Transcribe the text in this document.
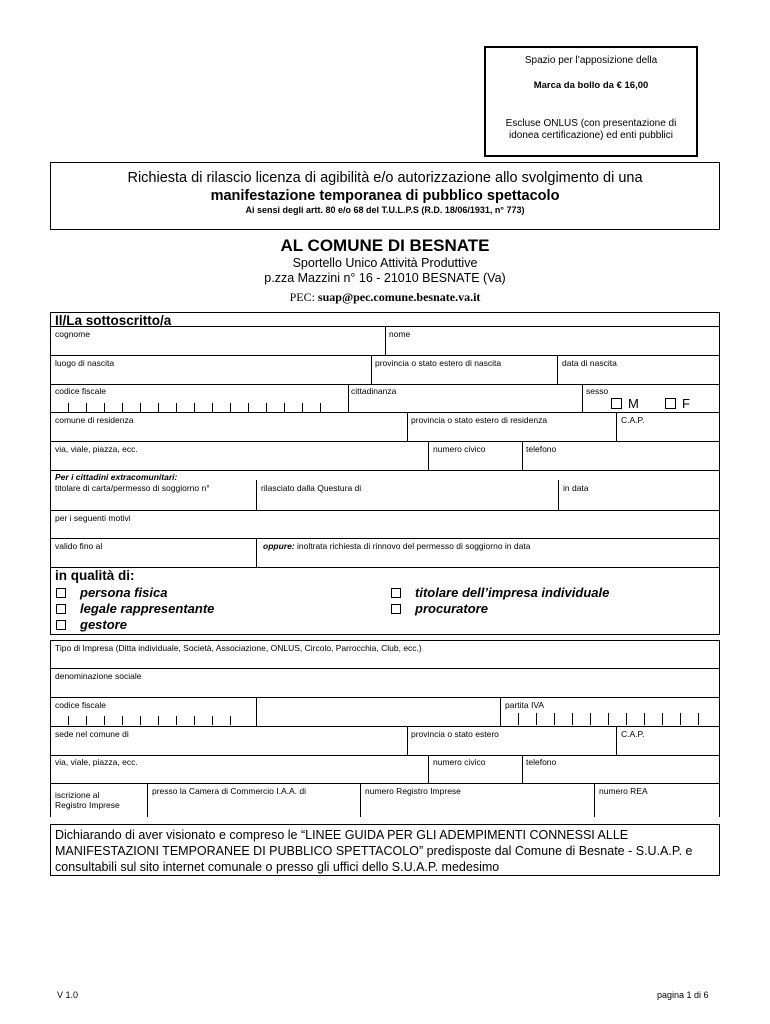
Spazio per l’apposizione della
Marca da bollo da € 16,00
Escluse ONLUS (con presentazione di idonea certificazione) ed enti pubblici
Richiesta di rilascio licenza di agibilità e/o autorizzazione allo svolgimento di una
manifestazione temporanea di pubblico spettacolo
Ai sensi degli artt. 80 e/o 68 del T.U.L.P.S (R.D. 18/06/1931, n° 773)
AL COMUNE DI BESNATE
Sportello Unico Attività Produttive
p.zza Mazzini n° 16 - 21010 BESNATE (Va)
PEC: suap@pec.comune.besnate.va.it
Il/La sottoscritto/a
cognome	nome
luogo di nascita	provincia o stato estero di nascita	data di nascita
codice fiscale	cittadinanza	sesso
M	F
comune di residenza	provincia o stato estero di residenza	C.A.P.
via, viale, piazza, ecc.	numero civico	telefono
Per i cittadini extracomunitari:
titolare di carta/permesso di soggiorno n°	rilasciato dalla Questura di	in data
per i seguenti motivi
valido fino al	oppure: inoltrata richiesta di rinnovo del permesso di soggiorno in data
in qualità di:
persona fisica
legale rappresentante
gestore
titolare dell’impresa individuale
procuratore
Tipo di Impresa (Ditta individuale, Società, Associazione, ONLUS, Circolo, Parrocchia, Club, ecc.)
denominazione sociale
codice fiscale	partita IVA
sede nel comune di	provincia o stato estero	C.A.P.
via, viale, piazza, ecc.	numero civico	telefono
iscrizione al
Registro Imprese
presso la Camera di Commercio I.A.A. di	numero Registro Imprese	numero REA
Dichiarando di aver visionato e compreso le “LINEE GUIDA PER GLI ADEMPIMENTI CONNESSI ALLE MANIFESTAZIONI TEMPORANEE DI PUBBLICO SPETTACOLO” predisposte dal Comune di Besnate - S.U.A.P. e consultabili sul sito internet comunale o presso gli uffici dello S.U.A.P. medesimo
V 1.0	pagina 1 di 6
